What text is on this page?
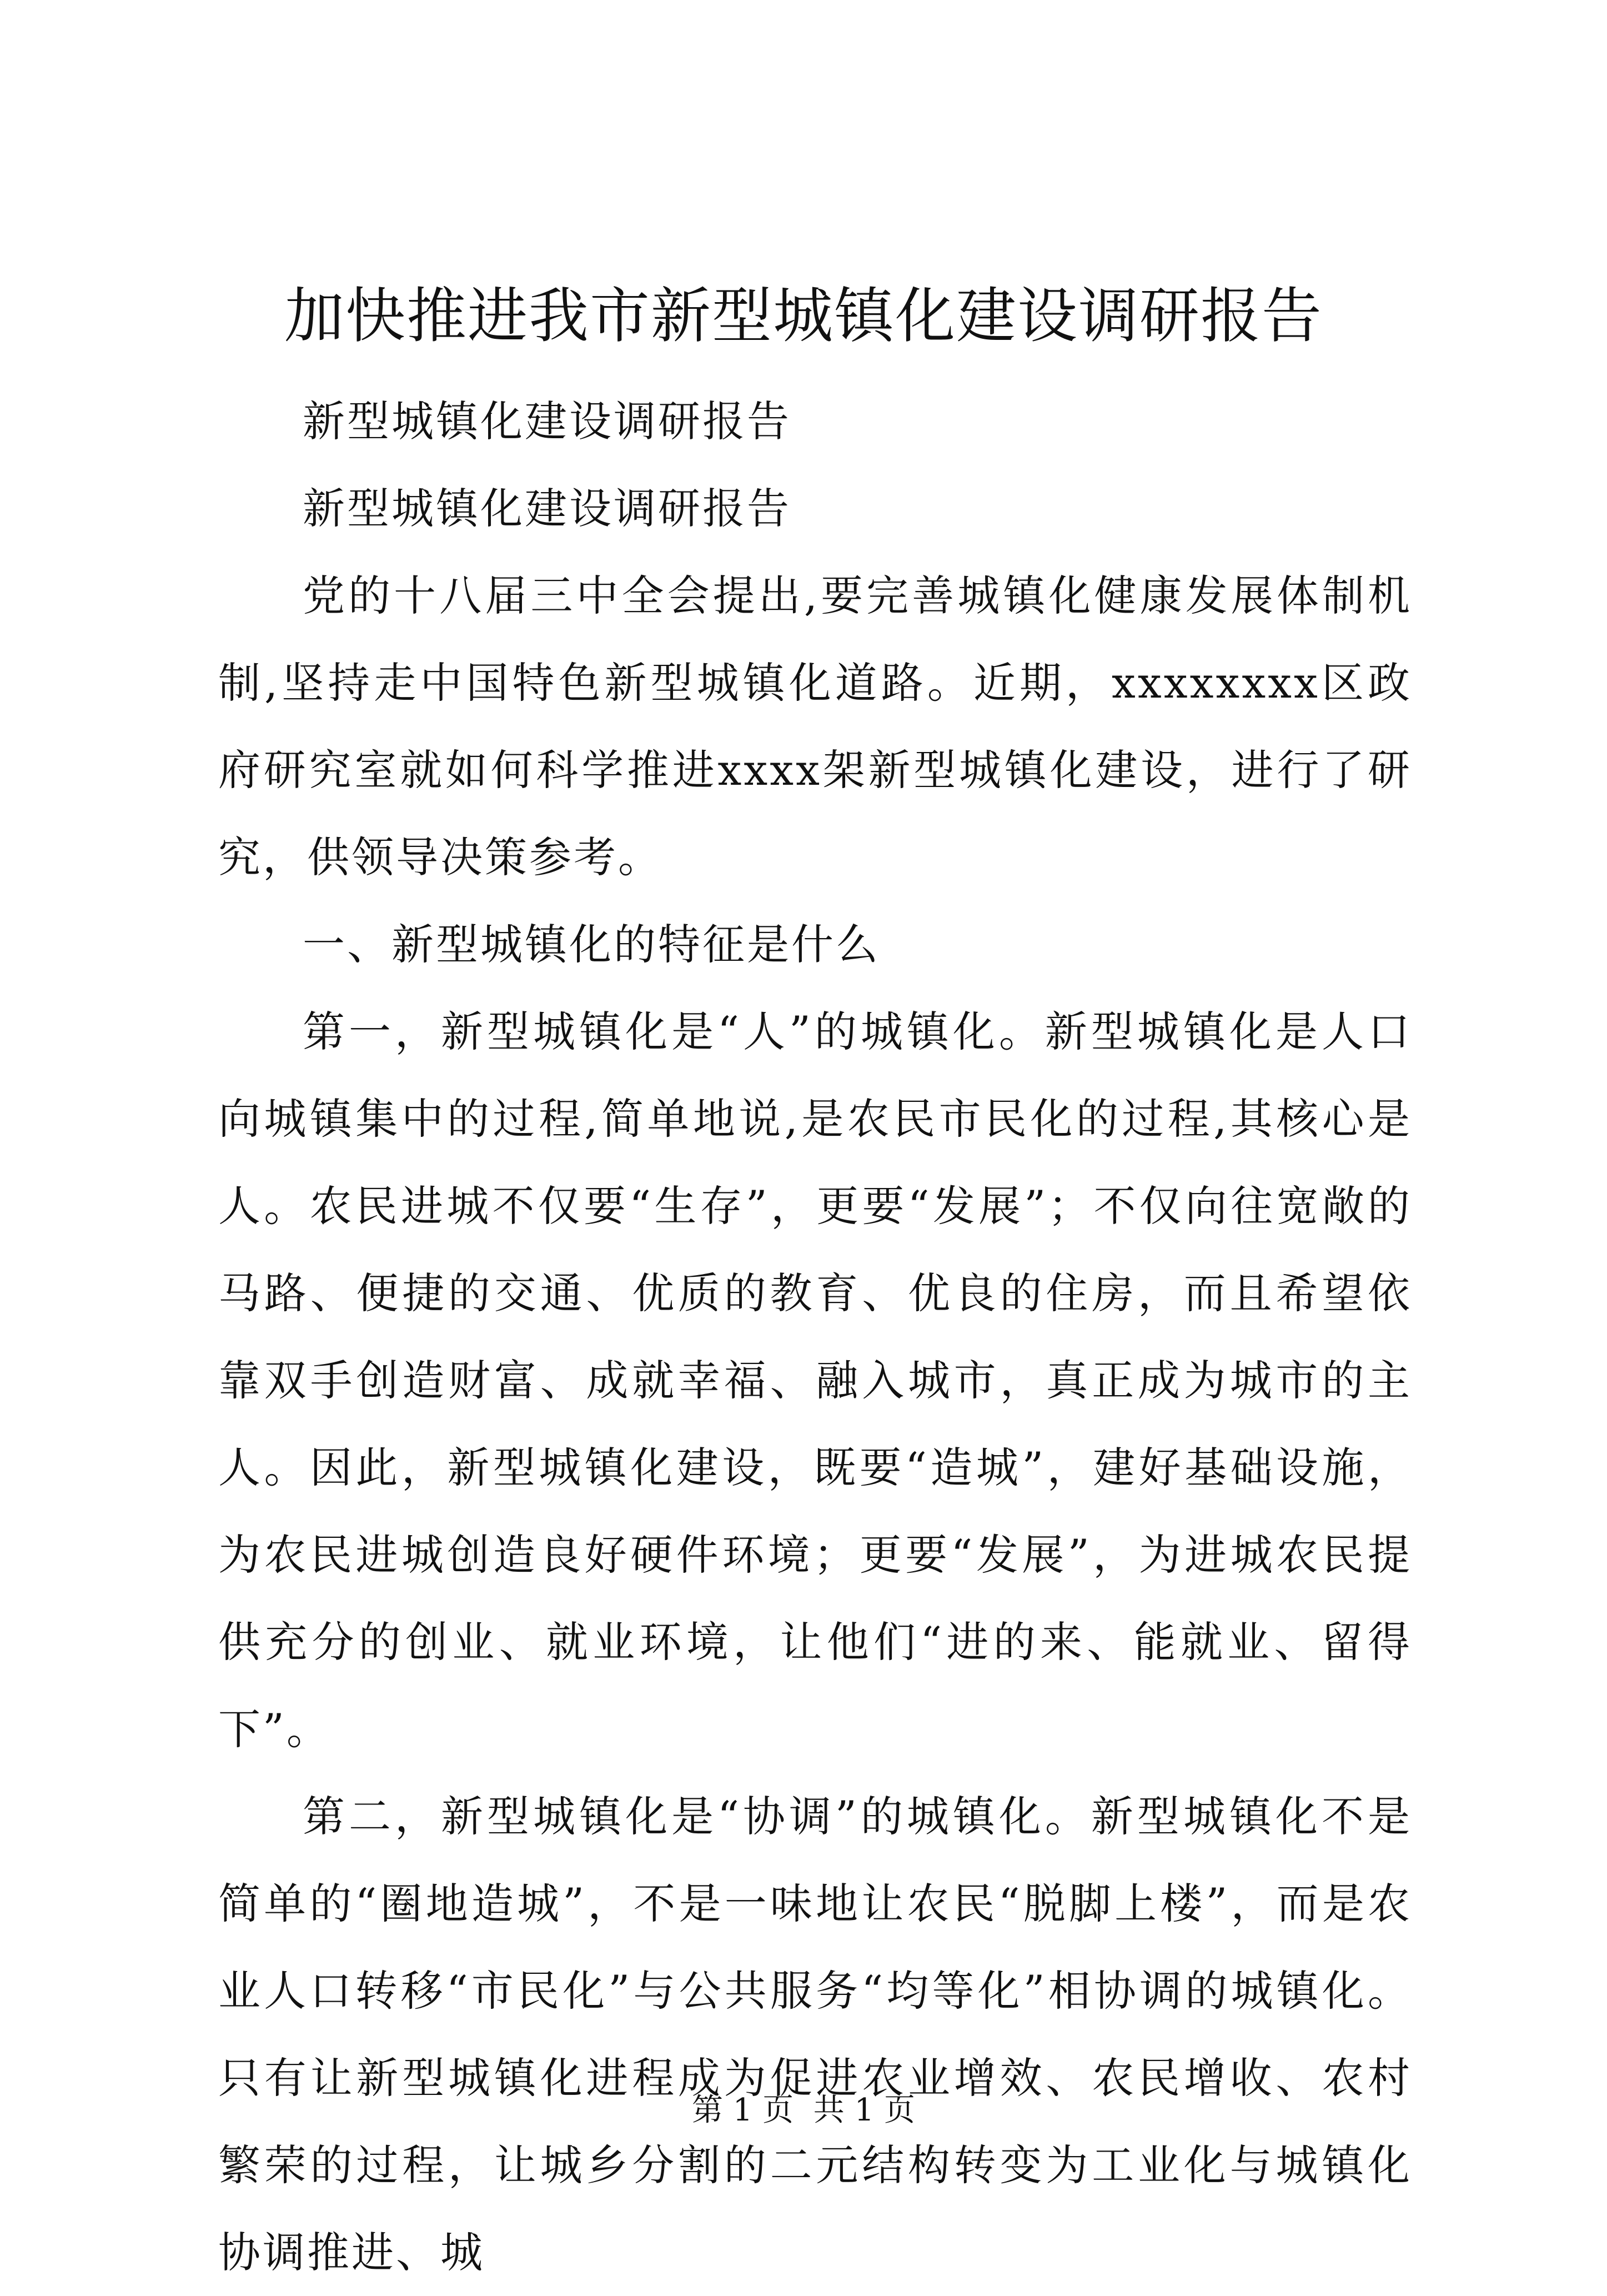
加快推进我市新型城镇化建设调研报告

新型城镇化建设调研报告

新型城镇化建设调研报告

党的十八届三中全会提出,要完善城镇化健康发展体制机制,坚持走中国特色新型城镇化道路。近期，xxxxxxxx区政府研究室就如何科学推进xxxx架新型城镇化建设，进行了研究，供领导决策参考。

一、新型城镇化的特征是什么

第一，新型城镇化是“人”的城镇化。新型城镇化是人口向城镇集中的过程,简单地说,是农民市民化的过程,其核心是人。农民进城不仅要“生存”，更要“发展”；不仅向往宽敞的马路、便捷的交通、优质的教育、优良的住房，而且希望依靠双手创造财富、成就幸福、融入城市，真正成为城市的主人。因此，新型城镇化建设，既要“造城”，建好基础设施，为农民进城创造良好硬件环境；更要“发展”，为进城农民提供充分的创业、就业环境，让他们“进的来、能就业、留得下”。

第二，新型城镇化是“协调”的城镇化。新型城镇化不是简单的“圈地造城”，不是一味地让农民“脱脚上楼”，而是农业人口转移“市民化”与公共服务“均等化”相协调的城镇化。只有让新型城镇化进程成为促进农业增效、农民增收、农村繁荣的过程，让城乡分割的二元结构转变为工业化与城镇化协调推进、城

第 1 页  共 1 页
